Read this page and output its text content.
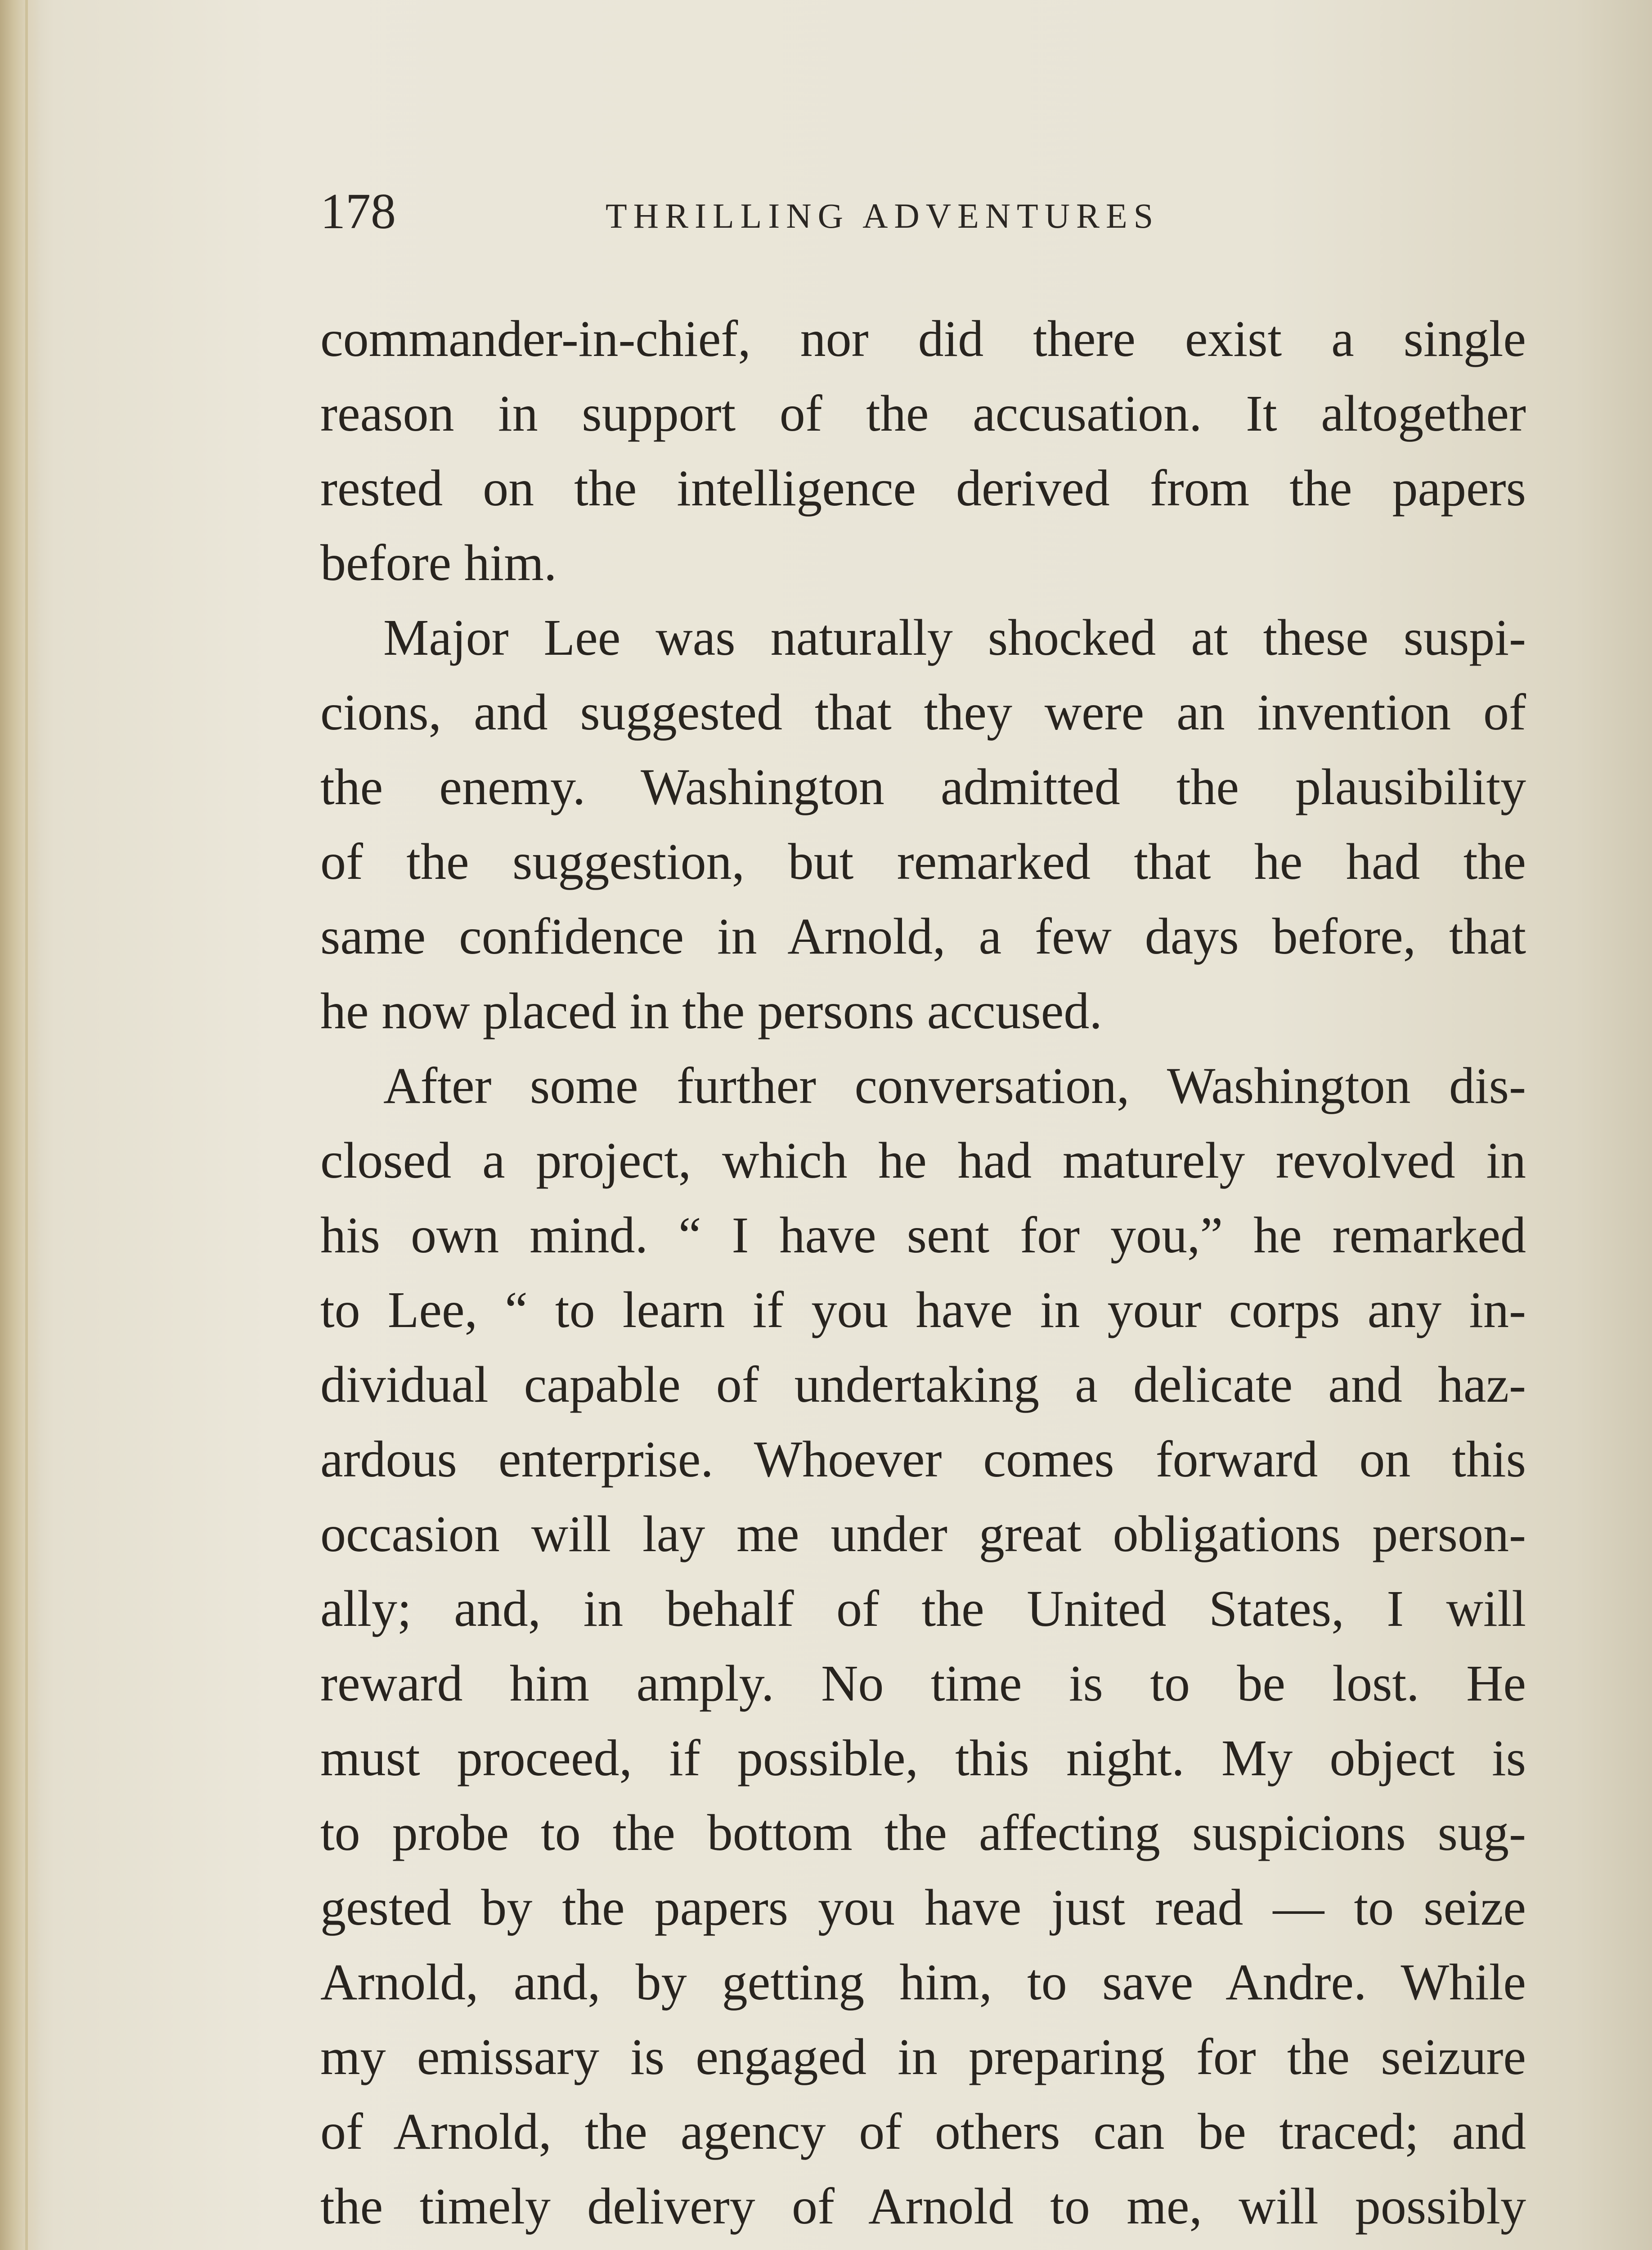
178	THRILLING ADVENTURES
commander-in-chief, nor did there exist a single
reason in support of the accusation. It altogether
rested on the intelligence derived from the papers
before him.
Major Lee was naturally shocked at these suspi-
cions, and suggested that they were an invention of
the enemy. Washington admitted the plausibility
of the suggestion, but remarked that he had the
same confidence in Arnold, a few days before, that
he now placed in the persons accused.
After some further conversation, Washington dis-
closed a project, which he had maturely revolved in
his own mind. “ I have sent for you,” he remarked
to Lee, “ to learn if you have in your corps any in-
dividual capable of undertaking a delicate and haz-
ardous enterprise. Whoever comes forward on this
occasion will lay me under great obligations person-
ally; and, in behalf of the United States, I will
reward him amply. No time is to be lost. He
must proceed, if possible, this night. My object is
to probe to the bottom the affecting suspicions sug-
gested by the papers you have just read — to seize
Arnold, and, by getting him, to save Andre. While
my emissary is engaged in preparing for the seizure
of Arnold, the agency of others can be traced; and
the timely delivery of Arnold to me, will possibly
